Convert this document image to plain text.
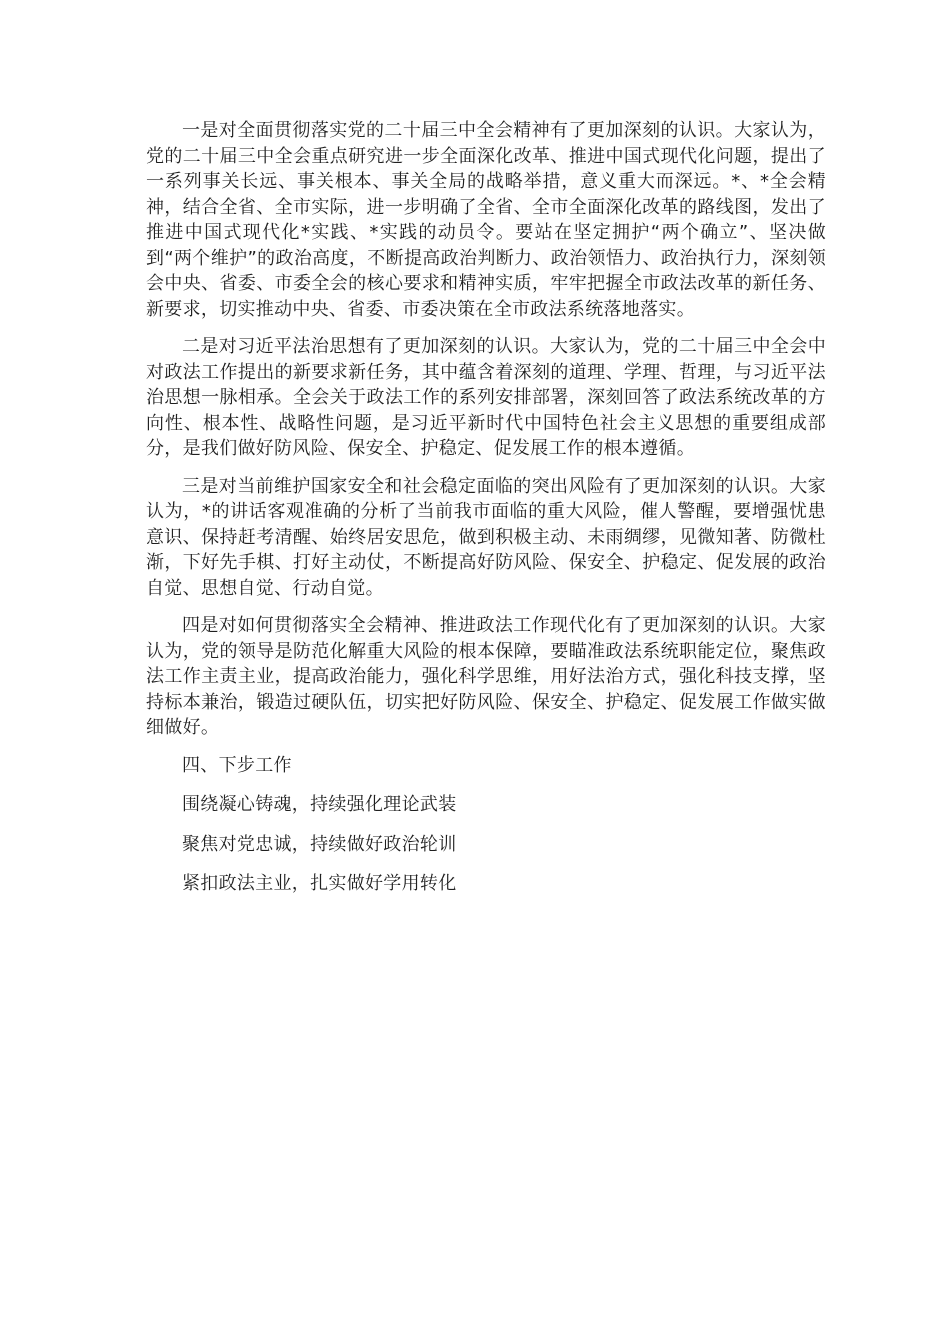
一是对全面贯彻落实党的二十届三中全会精神有了更加深刻的认识。大家认为，党的二十届三中全会重点研究进一步全面深化改革、推进中国式现代化问题，提出了一系列事关长远、事关根本、事关全局的战略举措，意义重大而深远。*、*全会精神，结合全省、全市实际，进一步明确了全省、全市全面深化改革的路线图，发出了推进中国式现代化*实践、*实践的动员令。要站在坚定拥护“两个确立”、坚决做到“两个维护”的政治高度，不断提高政治判断力、政治领悟力、政治执行力，深刻领会中央、省委、市委全会的核心要求和精神实质，牢牢把握全市政法改革的新任务、新要求，切实推动中央、省委、市委决策在全市政法系统落地落实。

二是对习近平法治思想有了更加深刻的认识。大家认为，党的二十届三中全会中对政法工作提出的新要求新任务，其中蕴含着深刻的道理、学理、哲理，与习近平法治思想一脉相承。全会关于政法工作的系列安排部署，深刻回答了政法系统改革的方向性、根本性、战略性问题，是习近平新时代中国特色社会主义思想的重要组成部分，是我们做好防风险、保安全、护稳定、促发展工作的根本遵循。

三是对当前维护国家安全和社会稳定面临的突出风险有了更加深刻的认识。大家认为，*的讲话客观准确的分析了当前我市面临的重大风险，催人警醒，要增强忧患意识、保持赶考清醒、始终居安思危，做到积极主动、未雨绸缪，见微知著、防微杜渐，下好先手棋、打好主动仗，不断提高好防风险、保安全、护稳定、促发展的政治自觉、思想自觉、行动自觉。

四是对如何贯彻落实全会精神、推进政法工作现代化有了更加深刻的认识。大家认为，党的领导是防范化解重大风险的根本保障，要瞄准政法系统职能定位，聚焦政法工作主责主业，提高政治能力，强化科学思维，用好法治方式，强化科技支撑，坚持标本兼治，锻造过硬队伍，切实把好防风险、保安全、护稳定、促发展工作做实做细做好。

四、下步工作

围绕凝心铸魂，持续强化理论武装

聚焦对党忠诚，持续做好政治轮训

紧扣政法主业，扎实做好学用转化
